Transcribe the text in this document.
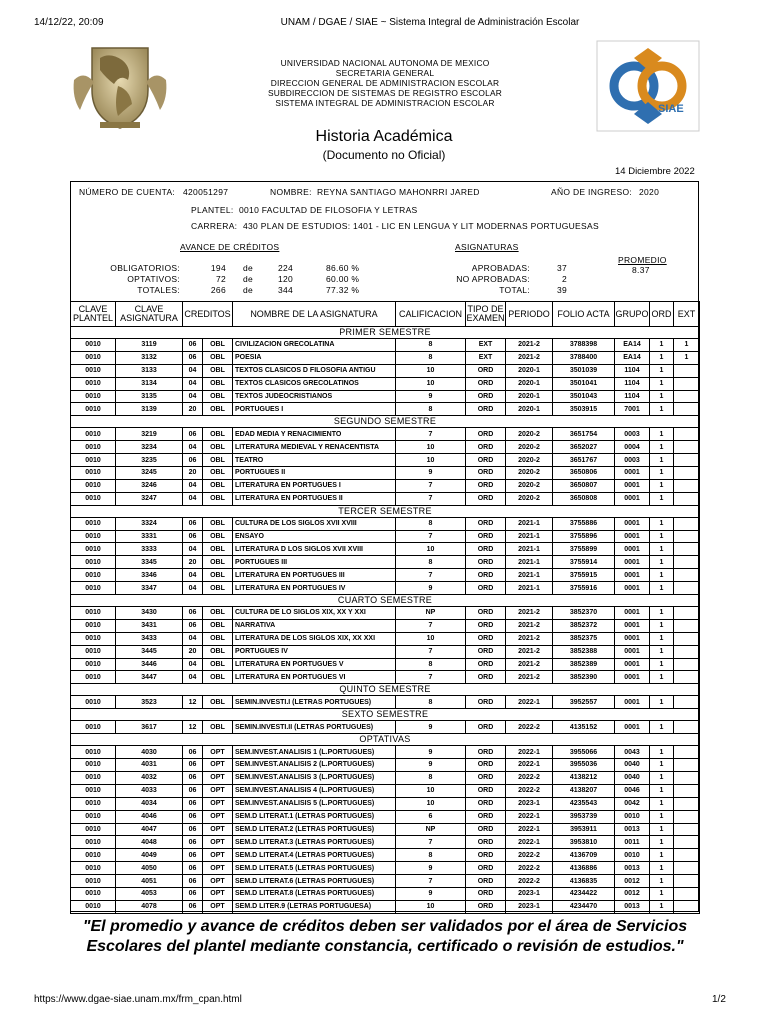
14/12/22, 20:09	UNAM / DGAE / SIAE ~ Sistema Integral de Administración Escolar
UNIVERSIDAD NACIONAL AUTONOMA DE MEXICO
SECRETARIA GENERAL
DIRECCION GENERAL DE ADMINISTRACION ESCOLAR
SUBDIRECCION DE SISTEMAS DE REGISTRO ESCOLAR
SISTEMA INTEGRAL DE ADMINISTRACION ESCOLAR	SIAE
Historia Académica
(Documento no Oficial)
14 Diciembre 2022
NÚMERO DE CUENTA: 420051297	NOMBRE: REYNA SANTIAGO MAHONRRI JARED	AÑO DE INGRESO: 2020
PLANTEL: 0010 FACULTAD DE FILOSOFIA Y LETRAS
CARRERA: 430 PLAN DE ESTUDIOS: 1401 - LIC EN LENGUA Y LIT MODERNAS PORTUGUESAS
AVANCE DE CRÉDITOS	ASIGNATURAS
OBLIGATORIOS:	194 de	224	86.60 %
OPTATIVOS:	72 de	120	60.00 %
TOTALES:	266 de	344	77.32 %
APROBADAS:	37
NO APROBADAS:	2
TOTAL:	39
PROMEDIO
8.37
CLAVE PLANTEL	CLAVE ASIGNATURA	CREDITOS		NOMBRE DE LA ASIGNATURA	CALIFICACION	TIPO DE EXAMEN	PERIODO	FOLIO ACTA	GRUPO	ORD	EXT
PRIMER SEMESTRE											
0010	3119	06	OBL	CIVILIZACION GRECOLATINA	8	EXT	2021-2	3788398	EA14	1	1
0010	3132	06	OBL	POESIA	8	EXT	2021-2	3788400	EA14	1	1
0010	3133	04	OBL	TEXTOS CLASICOS D FILOSOFIA ANTIGU	10	ORD	2020-1	3501039	1104	1	
0010	3134	04	OBL	TEXTOS CLASICOS GRECOLATINOS	10	ORD	2020-1	3501041	1104	1	
0010	3135	04	OBL	TEXTOS JUDEOCRISTIANOS	9	ORD	2020-1	3501043	1104	1	
0010	3139	20	OBL	PORTUGUES I	8	ORD	2020-1	3503915	7001	1	
SEGUNDO SEMESTRE											
0010	3219	06	OBL	EDAD MEDIA Y RENACIMIENTO	7	ORD	2020-2	3651754	0003	1	
0010	3234	04	OBL	LITERATURA MEDIEVAL Y RENACENTISTA	10	ORD	2020-2	3652027	0004	1	
0010	3235	06	OBL	TEATRO	10	ORD	2020-2	3651767	0003	1	
0010	3245	20	OBL	PORTUGUES II	9	ORD	2020-2	3650806	0001	1	
0010	3246	04	OBL	LITERATURA EN PORTUGUES I	7	ORD	2020-2	3650807	0001	1	
0010	3247	04	OBL	LITERATURA EN PORTUGUES II	7	ORD	2020-2	3650808	0001	1	
TERCER SEMESTRE											
0010	3324	06	OBL	CULTURA DE LOS SIGLOS XVII XVIII	8	ORD	2021-1	3755886	0001	1	
0010	3331	06	OBL	ENSAYO	7	ORD	2021-1	3755896	0001	1	
0010	3333	04	OBL	LITERATURA D LOS SIGLOS XVII XVIII	10	ORD	2021-1	3755899	0001	1	
0010	3345	20	OBL	PORTUGUES III	8	ORD	2021-1	3755914	0001	1	
0010	3346	04	OBL	LITERATURA EN PORTUGUES III	7	ORD	2021-1	3755915	0001	1	
0010	3347	04	OBL	LITERATURA EN PORTUGUES IV	9	ORD	2021-1	3755916	0001	1	
CUARTO SEMESTRE											
0010	3430	06	OBL	CULTURA DE LO SIGLOS XIX, XX Y XXI	NP	ORD	2021-2	3852370	0001	1	
0010	3431	06	OBL	NARRATIVA	7	ORD	2021-2	3852372	0001	1	
0010	3433	04	OBL	LITERATURA DE LOS SIGLOS XIX, XX XXI	10	ORD	2021-2	3852375	0001	1	
0010	3445	20	OBL	PORTUGUES IV	7	ORD	2021-2	3852388	0001	1	
0010	3446	04	OBL	LITERATURA EN PORTUGUES V	8	ORD	2021-2	3852389	0001	1	
0010	3447	04	OBL	LITERATURA EN PORTUGUES VI	7	ORD	2021-2	3852390	0001	1	
QUINTO SEMESTRE											
0010	3523	12	OBL	SEMIN.INVESTI.I (LETRAS PORTUGUES)	8	ORD	2022-1	3952557	0001	1	
SEXTO SEMESTRE											
0010	3617	12	OBL	SEMIN.INVESTI.II (LETRAS PORTUGUES)	9	ORD	2022-2	4135152	0001	1	
OPTATIVAS											
0010	4030	06	OPT	SEM.INVEST.ANALISIS 1 (L.PORTUGUES)	9	ORD	2022-1	3955066	0043	1	
0010	4031	06	OPT	SEM.INVEST.ANALISIS 2 (L.PORTUGUES)	9	ORD	2022-1	3955036	0040	1	
0010	4032	06	OPT	SEM.INVEST.ANALISIS 3 (L.PORTUGUES)	8	ORD	2022-2	4138212	0040	1	
0010	4033	06	OPT	SEM.INVEST.ANALISIS 4 (L.PORTUGUES)	10	ORD	2022-2	4138207	0046	1	
0010	4034	06	OPT	SEM.INVEST.ANALISIS 5 (L.PORTUGUES)	10	ORD	2023-1	4235543	0042	1	
0010	4046	06	OPT	SEM.D LITERAT.1 (LETRAS PORTUGUES)	6	ORD	2022-1	3953739	0010	1	
0010	4047	06	OPT	SEM.D LITERAT.2 (LETRAS PORTUGUES)	NP	ORD	2022-1	3953911	0013	1	
0010	4048	06	OPT	SEM.D LITERAT.3 (LETRAS PORTUGUES)	7	ORD	2022-1	3953810	0011	1	
0010	4049	06	OPT	SEM.D LITERAT.4 (LETRAS PORTUGUES)	8	ORD	2022-2	4136709	0010	1	
0010	4050	06	OPT	SEM.D LITERAT.5 (LETRAS PORTUGUES)	9	ORD	2022-2	4136886	0013	1	
0010	4051	06	OPT	SEM.D LITERAT.6 (LETRAS PORTUGUES)	7	ORD	2022-2	4136835	0012	1	
0010	4053	06	OPT	SEM.D LITERAT.8 (LETRAS PORTUGUES)	9	ORD	2023-1	4234422	0012	1	
0010	4078	06	OPT	SEM.D LITER.9 (LETRAS PORTUGUESA)	10	ORD	2023-1	4234470	0013	1	
"El promedio y avance de créditos deben ser validados por el área de Servicios Escolares del plantel mediante constancia, certificado o revisión de estudios."
https://www.dgae-siae.unam.mx/frm_cpan.html	1/2
